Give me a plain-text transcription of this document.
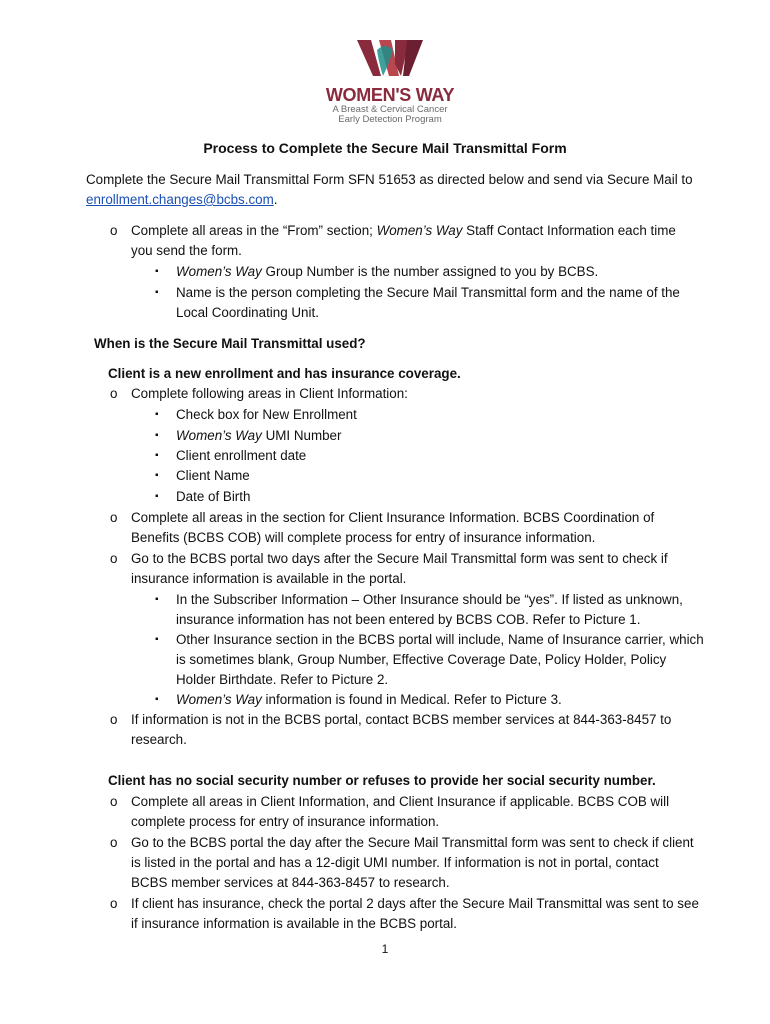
WOMEN'S WAY
A Breast & Cervical Cancer
Early Detection Program
Process to Complete the Secure Mail Transmittal Form
Complete the Secure Mail Transmittal Form SFN 51653 as directed below and send via Secure Mail to
enrollment.changes@bcbs.com.
o Complete all areas in the “From” section; Women’s Way Staff Contact Information each time
you send the form.
▪ Women’s Way Group Number is the number assigned to you by BCBS.
▪ Name is the person completing the Secure Mail Transmittal form and the name of the
Local Coordinating Unit.
When is the Secure Mail Transmittal used?
Client is a new enrollment and has insurance coverage.
o Complete following areas in Client Information:
▪ Check box for New Enrollment
▪ Women’s Way UMI Number
▪ Client enrollment date
▪ Client Name
▪ Date of Birth
o Complete all areas in the section for Client Insurance Information. BCBS Coordination of
Benefits (BCBS COB) will complete process for entry of insurance information.
o Go to the BCBS portal two days after the Secure Mail Transmittal form was sent to check if
insurance information is available in the portal.
▪ In the Subscriber Information – Other Insurance should be “yes”. If listed as unknown,
insurance information has not been entered by BCBS COB. Refer to Picture 1.
▪ Other Insurance section in the BCBS portal will include, Name of Insurance carrier, which
is sometimes blank, Group Number, Effective Coverage Date, Policy Holder, Policy
Holder Birthdate. Refer to Picture 2.
▪ Women’s Way information is found in Medical. Refer to Picture 3.
o If information is not in the BCBS portal, contact BCBS member services at 844-363-8457 to
research.
Client has no social security number or refuses to provide her social security number.
o Complete all areas in Client Information, and Client Insurance if applicable. BCBS COB will
complete process for entry of insurance information.
o Go to the BCBS portal the day after the Secure Mail Transmittal form was sent to check if client
is listed in the portal and has a 12-digit UMI number. If information is not in portal, contact
BCBS member services at 844-363-8457 to research.
o If client has insurance, check the portal 2 days after the Secure Mail Transmittal was sent to see
if insurance information is available in the BCBS portal.
1
